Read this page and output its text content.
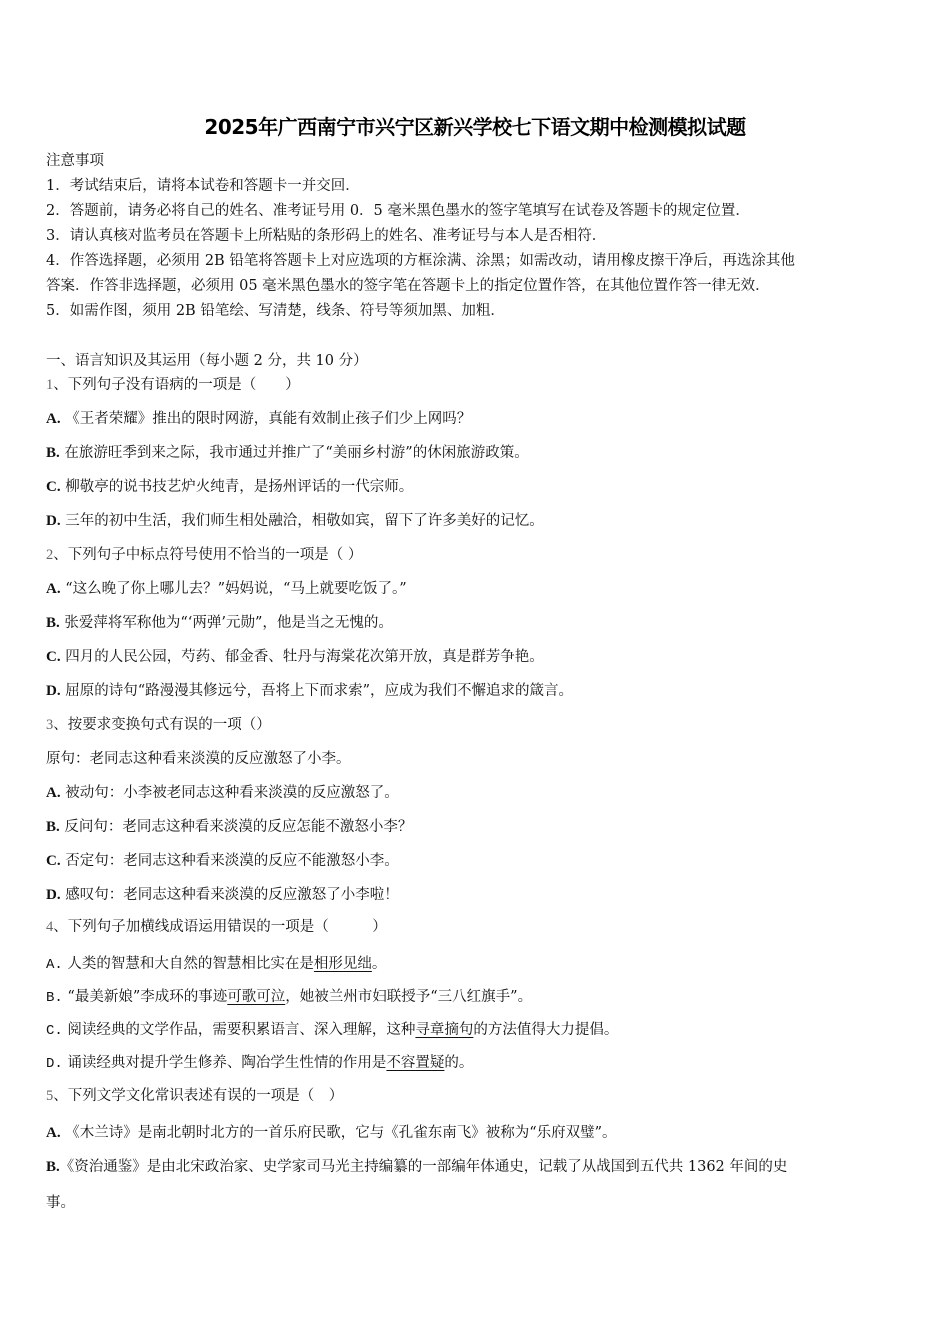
2025年广西南宁市兴宁区新兴学校七下语文期中检测模拟试题
注意事项
1．考试结束后，请将本试卷和答题卡一并交回．
2．答题前，请务必将自己的姓名、准考证号用 0．5 毫米黑色墨水的签字笔填写在试卷及答题卡的规定位置．
3．请认真核对监考员在答题卡上所粘贴的条形码上的姓名、准考证号与本人是否相符．
4．作答选择题，必须用 2B 铅笔将答题卡上对应选项的方框涂满、涂黑；如需改动，请用橡皮擦干净后，再选涂其他
答案．作答非选择题，必须用 05 毫米黑色墨水的签字笔在答题卡上的指定位置作答，在其他位置作答一律无效．
5．如需作图，须用 2B 铅笔绘、写清楚，线条、符号等须加黑、加粗．
一、语言知识及其运用（每小题 2 分，共 10 分）
1、下列句子没有语病的一项是（　　）
A. 《王者荣耀》推出的限时网游，真能有效制止孩子们少上网吗？
B. 在旅游旺季到来之际，我市通过并推广了“美丽乡村游”的休闲旅游政策。
C. 柳敬亭的说书技艺炉火纯青，是扬州评话的一代宗师。
D. 三年的初中生活，我们师生相处融洽，相敬如宾，留下了许多美好的记忆。
2、下列句子中标点符号使用不恰当的一项是（ ）
A. “这么晚了你上哪儿去？”妈妈说，“马上就要吃饭了。”
B. 张爱萍将军称他为“‘两弹’元勋”，他是当之无愧的。
C. 四月的人民公园，芍药、郁金香、牡丹与海棠花次第开放，真是群芳争艳。
D. 屈原的诗句“路漫漫其修远兮，吾将上下而求索”，应成为我们不懈追求的箴言。
3、按要求变换句式有误的一项（）
原句：老同志这种看来淡漠的反应激怒了小李。
A. 被动句：小李被老同志这种看来淡漠的反应激怒了。
B. 反问句：老同志这种看来淡漠的反应怎能不激怒小李？
C. 否定句：老同志这种看来淡漠的反应不能激怒小李。
D. 感叹句：老同志这种看来淡漠的反应激怒了小李啦！
4、下列句子加横线成语运用错误的一项是（　　　）
A. 人类的智慧和大自然的智慧相比实在是相形见绌。
B. “最美新娘”李成环的事迹可歌可泣，她被兰州市妇联授予“三八红旗手”。
C. 阅读经典的文学作品，需要积累语言、深入理解，这种寻章摘句的方法值得大力提倡。
D. 诵读经典对提升学生修养、陶冶学生性情的作用是不容置疑的。
5、下列文学文化常识表述有误的一项是（　）
A. 《木兰诗》是南北朝时北方的一首乐府民歌，它与《孔雀东南飞》被称为“乐府双璧”。
B.《资治通鉴》是由北宋政治家、史学家司马光主持编纂的一部编年体通史，记载了从战国到五代共 1362 年间的史
事。
